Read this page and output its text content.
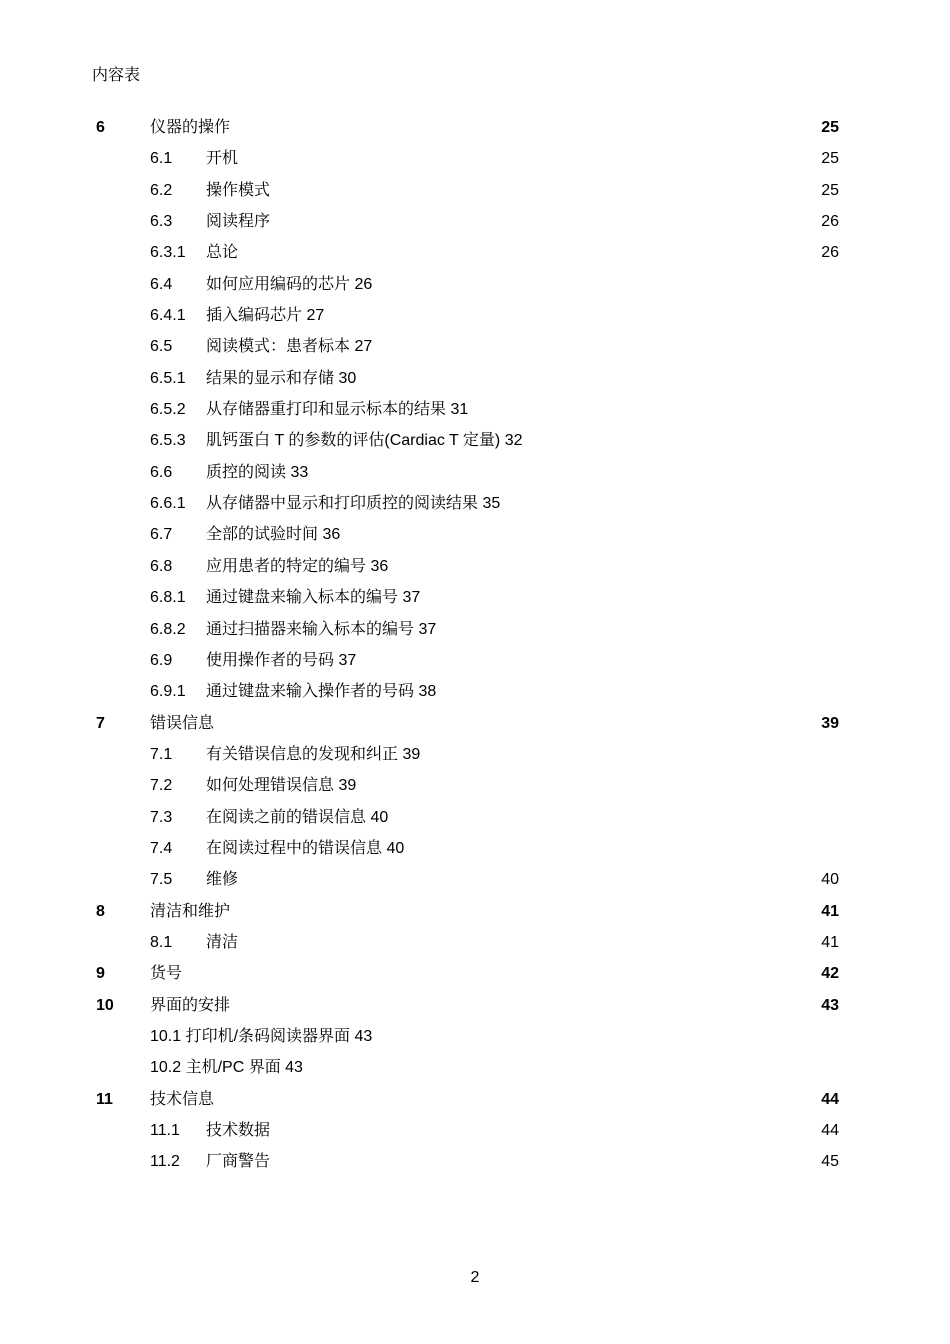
内容表
6	仪器的操作	25
6.1 开机	25
6.2 操作模式	25
6.3 阅读程序	26
6.3.1 总论	26
6.4 如何应用编码的芯片 26
6.4.1 插入编码芯片 27
6.5 阅读模式：患者标本 27
6.5.1 结果的显示和存储 30
6.5.2 从存储器重打印和显示标本的结果 31
6.5.3 肌钙蛋白 T 的参数的评估(Cardiac T 定量) 32
6.6 质控的阅读 33
6.6.1 从存储器中显示和打印质控的阅读结果 35
6.7 全部的试验时间 36
6.8 应用患者的特定的编号 36
6.8.1 通过键盘来输入标本的编号 37
6.8.2 通过扫描器来输入标本的编号 37
6.9 使用操作者的号码 37
6.9.1 通过键盘来输入操作者的号码 38
7	错误信息	39
7.1 有关错误信息的发现和纠正 39
7.2 如何处理错误信息 39
7.3 在阅读之前的错误信息 40
7.4 在阅读过程中的错误信息 40
7.5 维修	40
8	清洁和维护	41
8.1 清洁	41
9	货号	42
10 界面的安排	43
10.1 打印机/条码阅读器界面 43
10.2 主机/PC 界面 43
11 技术信息	44
11.1 技术数据	44
11.2 厂商警告	45
2
